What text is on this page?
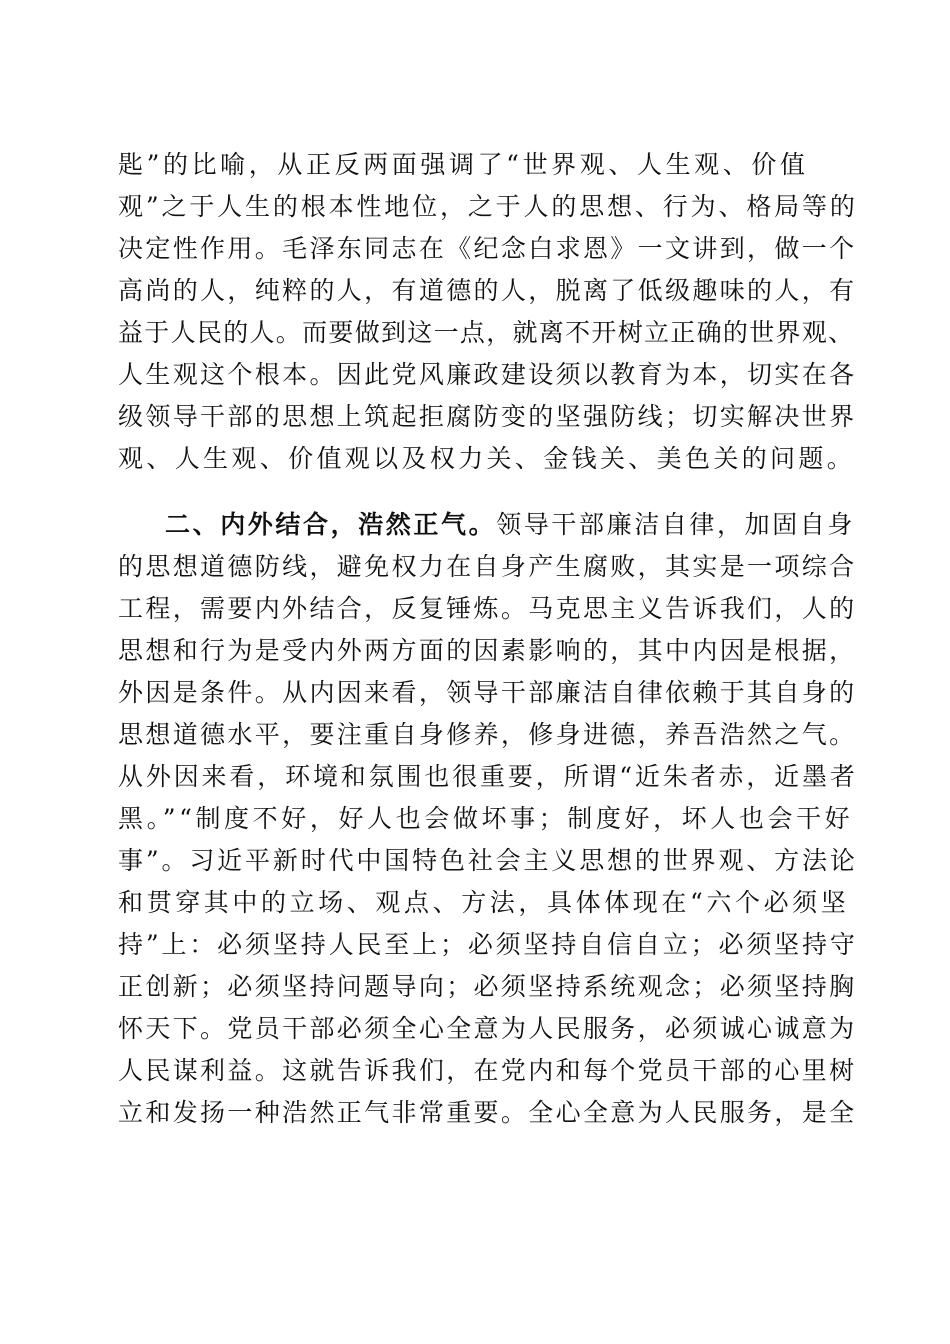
匙”的比喻，从正反两面强调了“世界观、人生观、价值
观”之于人生的根本性地位，之于人的思想、行为、格局等的
决定性作用。毛泽东同志在《纪念白求恩》一文讲到，做一个
高尚的人，纯粹的人，有道德的人，脱离了低级趣味的人，有
益于人民的人。而要做到这一点，就离不开树立正确的世界观、
人生观这个根本。因此党风廉政建设须以教育为本，切实在各
级领导干部的思想上筑起拒腐防变的坚强防线；切实解决世界
观、人生观、价值观以及权力关、金钱关、美色关的问题。
二、内外结合，浩然正气。领导干部廉洁自律，加固自身
的思想道德防线，避免权力在自身产生腐败，其实是一项综合
工程，需要内外结合，反复锤炼。马克思主义告诉我们，人的
思想和行为是受内外两方面的因素影响的，其中内因是根据，
外因是条件。从内因来看，领导干部廉洁自律依赖于其自身的
思想道德水平，要注重自身修养，修身进德，养吾浩然之气。
从外因来看，环境和氛围也很重要，所谓“近朱者赤，近墨者
黑。”“制度不好，好人也会做坏事；制度好，坏人也会干好
事”。习近平新时代中国特色社会主义思想的世界观、方法论
和贯穿其中的立场、观点、方法，具体体现在“六个必须坚
持”上：必须坚持人民至上；必须坚持自信自立；必须坚持守
正创新；必须坚持问题导向；必须坚持系统观念；必须坚持胸
怀天下。党员干部必须全心全意为人民服务，必须诚心诚意为
人民谋利益。这就告诉我们，在党内和每个党员干部的心里树
立和发扬一种浩然正气非常重要。全心全意为人民服务，是全
